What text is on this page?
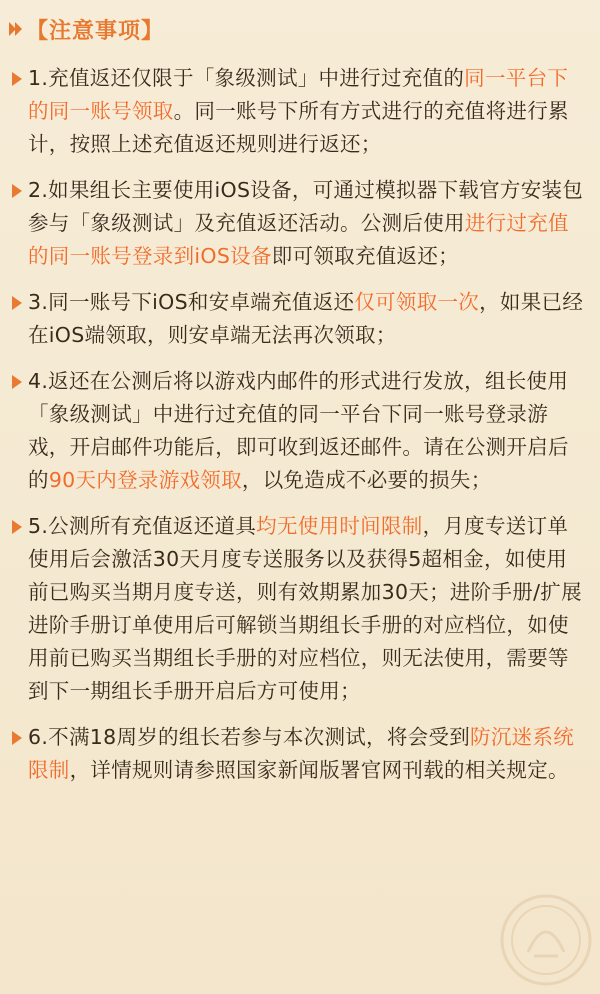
【注意事项】
1.充值返还仅限于「象级测试」中进行过充值的同一平台下的同一账号领取。同一账号下所有方式进行的充值将进行累计，按照上述充值返还规则进行返还；
2.如果组长主要使用iOS设备，可通过模拟器下载官方安装包参与「象级测试」及充值返还活动。公测后使用进行过充值的同一账号登录到iOS设备即可领取充值返还；
3.同一账号下iOS和安卓端充值返还仅可领取一次，如果已经在iOS端领取，则安卓端无法再次领取；
4.返还在公测后将以游戏内邮件的形式进行发放，组长使用「象级测试」中进行过充值的同一平台下同一账号登录游戏，开启邮件功能后，即可收到返还邮件。请在公测开启后的90天内登录游戏领取，以免造成不必要的损失；
5.公测所有充值返还道具均无使用时间限制，月度专送订单使用后会激活30天月度专送服务以及获得5超相金，如使用前已购买当期月度专送，则有效期累加30天；进阶手册/扩展进阶手册订单使用后可解锁当期组长手册的对应档位，如使用前已购买当期组长手册的对应档位，则无法使用，需要等到下一期组长手册开启后方可使用；
6.不满18周岁的组长若参与本次测试，将会受到防沉迷系统限制，详情规则请参照国家新闻版署官网刊载的相关规定。
